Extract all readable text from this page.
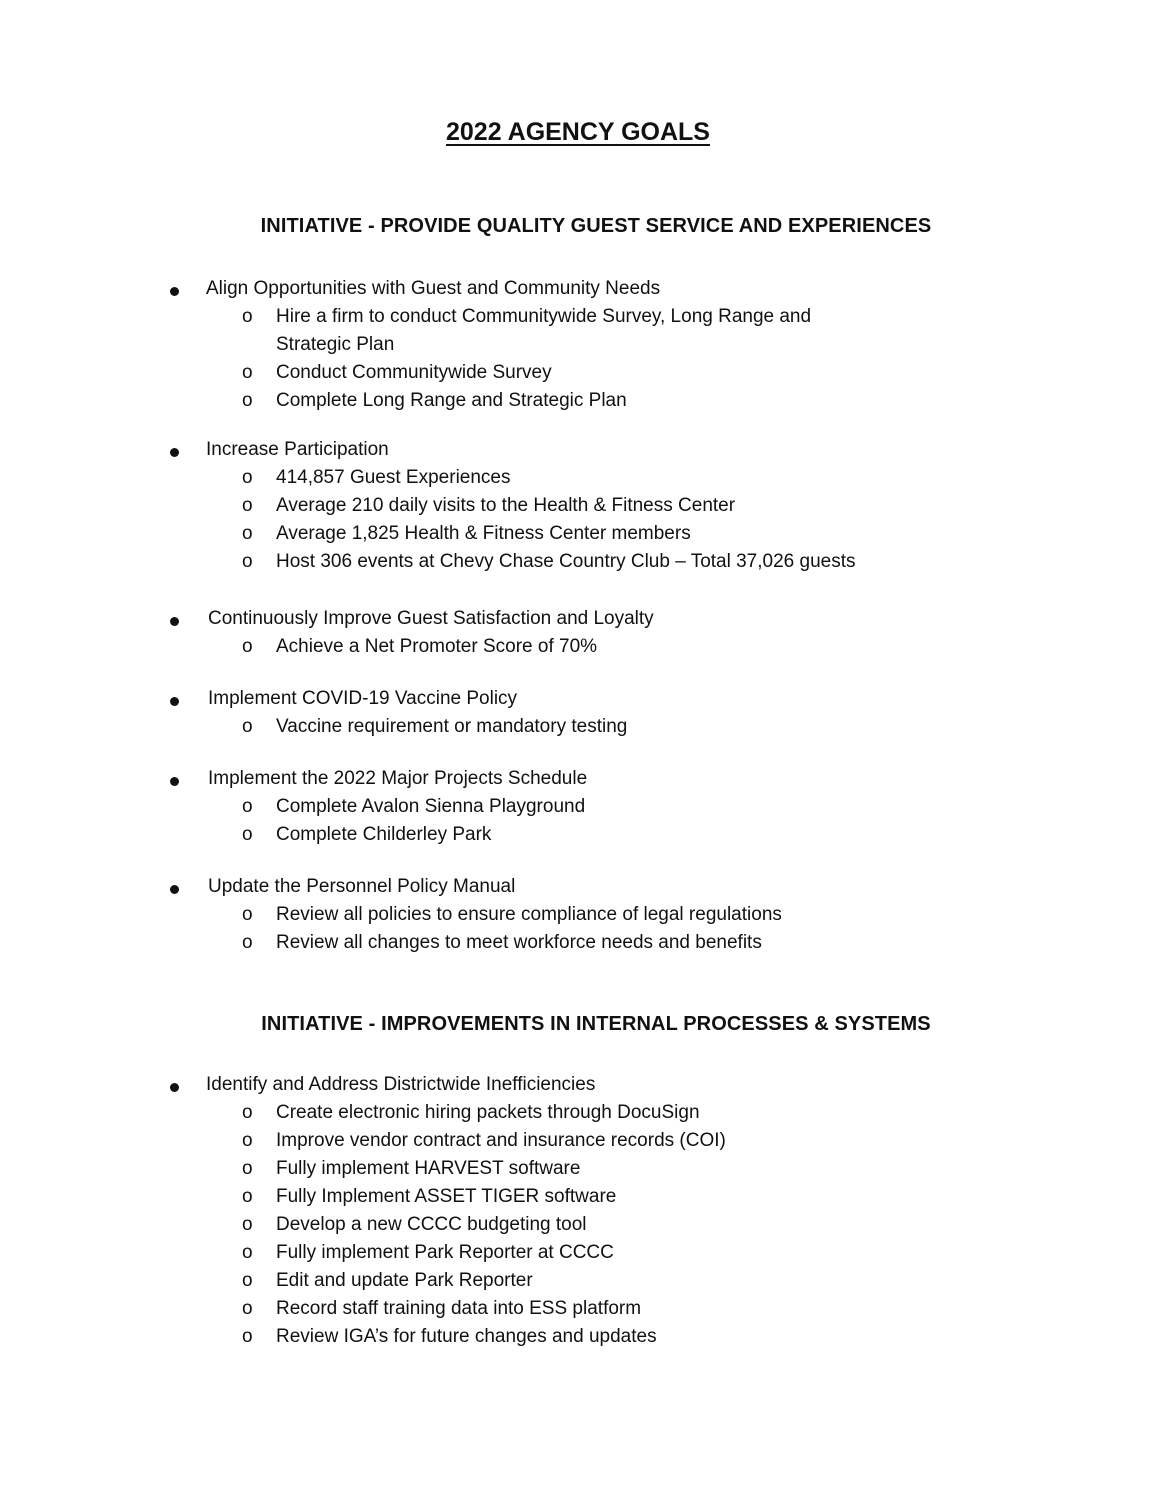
2022 AGENCY GOALS
INITIATIVE - PROVIDE QUALITY GUEST SERVICE AND EXPERIENCES
Align Opportunities with Guest and Community Needs
o Hire a firm to conduct Communitywide Survey, Long Range and Strategic Plan
o Conduct Communitywide Survey
o Complete Long Range and Strategic Plan
Increase Participation
o 414,857 Guest Experiences
o Average 210 daily visits to the Health & Fitness Center
o Average 1,825 Health & Fitness Center members
o Host 306 events at Chevy Chase Country Club – Total 37,026 guests
Continuously Improve Guest Satisfaction and Loyalty
o Achieve a Net Promoter Score of 70%
Implement COVID-19 Vaccine Policy
o Vaccine requirement or mandatory testing
Implement the 2022 Major Projects Schedule
o Complete Avalon Sienna Playground
o Complete Childerley Park
Update the Personnel Policy Manual
o Review all policies to ensure compliance of legal regulations
o Review all changes to meet workforce needs and benefits
INITIATIVE - IMPROVEMENTS IN INTERNAL PROCESSES & SYSTEMS
Identify and Address Districtwide Inefficiencies
o Create electronic hiring packets through DocuSign
o Improve vendor contract and insurance records (COI)
o Fully implement HARVEST software
o Fully Implement ASSET TIGER software
o Develop a new CCCC budgeting tool
o Fully implement Park Reporter at CCCC
o Edit and update Park Reporter
o Record staff training data into ESS platform
o Review IGA’s for future changes and updates
